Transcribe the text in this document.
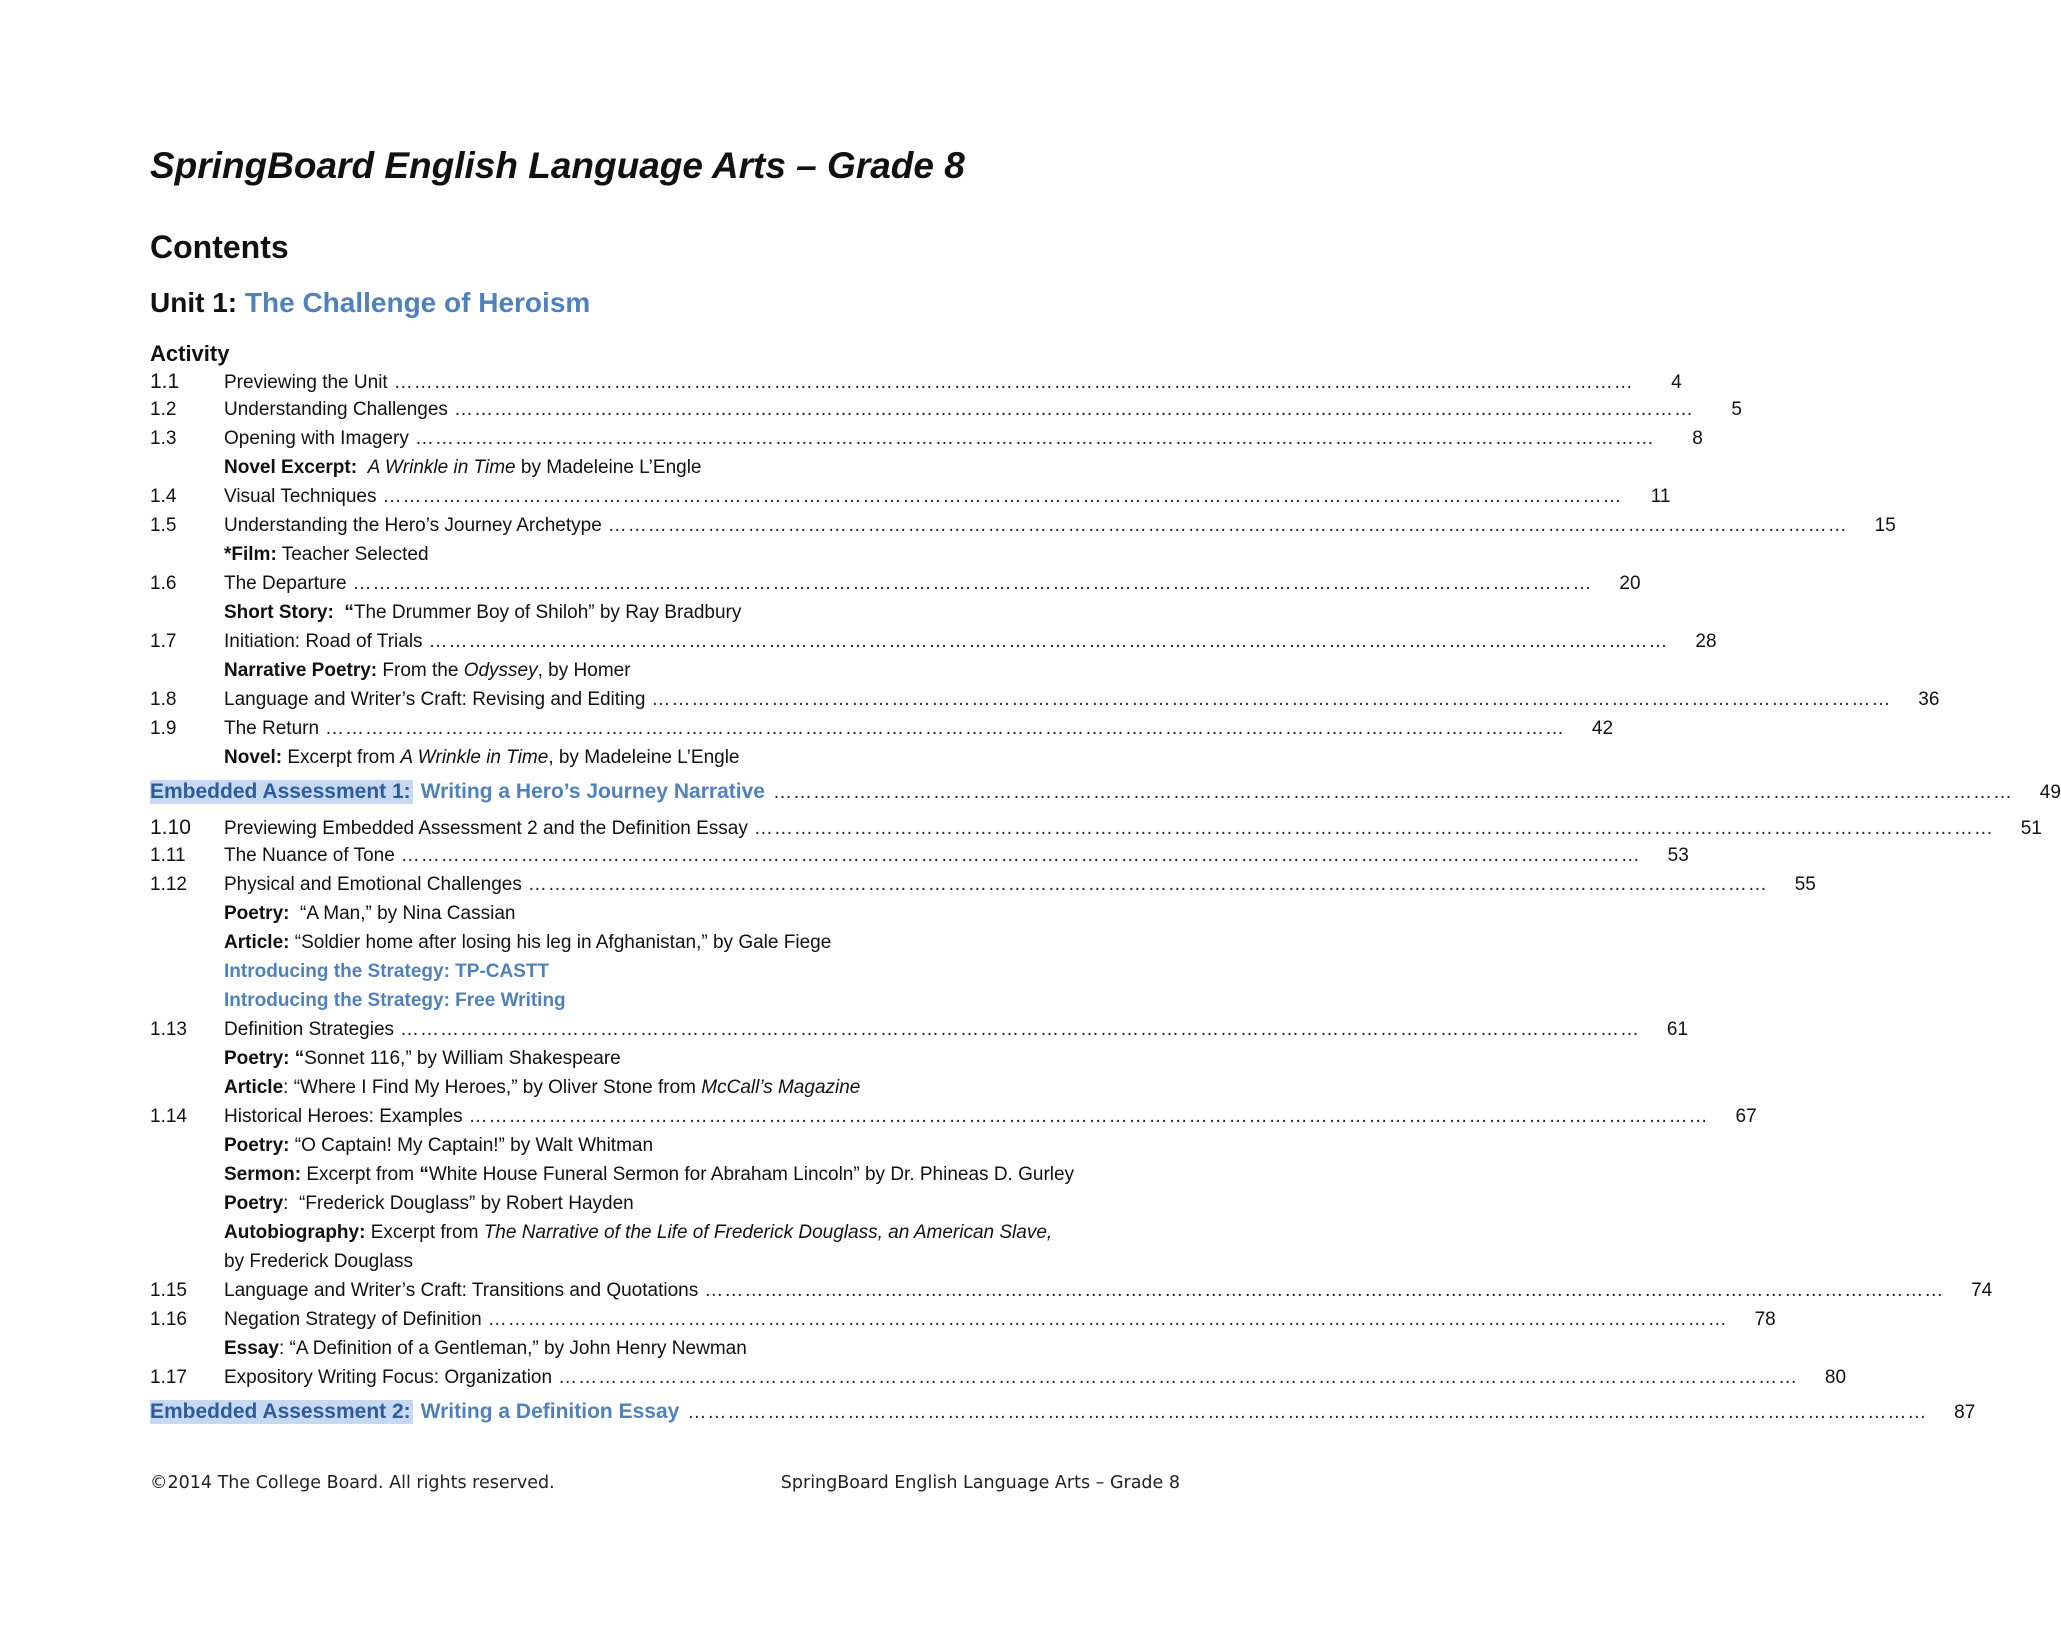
SpringBoard English Language Arts – Grade 8
Contents
Unit 1: The Challenge of Heroism
Activity
1.1	Previewing the Unit ……………………………………………………………………………………………………………………………………………………………………	4
1.2	Understanding Challenges ……………………………………………………………………………………………………………………………………………………………………	5
1.3	Opening with Imagery ……………………………………………………………………………………………………………………………………………………………………	8
Novel Excerpt: A Wrinkle in Time by Madeleine L’Engle
1.4	Visual Techniques ……………………………………………………………………………………………………………………………………………………………………	11
1.5	Understanding the Hero’s Journey Archetype ……………………………………………………………………………………………………………………………………………………………………	15
*Film: Teacher Selected
1.6	The Departure ……………………………………………………………………………………………………………………………………………………………………	20
Short Story: “The Drummer Boy of Shiloh” by Ray Bradbury
1.7	Initiation: Road of Trials ……………………………………………………………………………………………………………………………………………………………………	28
Narrative Poetry: From the Odyssey, by Homer
1.8	Language and Writer’s Craft: Revising and Editing ……………………………………………………………………………………………………………………………………………………………………	36
1.9	The Return ……………………………………………………………………………………………………………………………………………………………………	42
Novel: Excerpt from A Wrinkle in Time, by Madeleine L’Engle
Embedded Assessment 1: Writing a Hero’s Journey Narrative ……………………………………………………………………………………………………………………………………………………………………	49
1.10	Previewing Embedded Assessment 2 and the Definition Essay ……………………………………………………………………………………………………………………………………………………………………	51
1.11	The Nuance of Tone ……………………………………………………………………………………………………………………………………………………………………	53
1.12	Physical and Emotional Challenges ……………………………………………………………………………………………………………………………………………………………………	55
Poetry:  “A Man,” by Nina Cassian
Article: “Soldier home after losing his leg in Afghanistan,” by Gale Fiege
Introducing the Strategy: TP-CASTT
Introducing the Strategy: Free Writing
1.13	Definition Strategies ……………………………………………………………………………………………………………………………………………………………………	61
Poetry: “Sonnet 116,” by William Shakespeare
Article: “Where I Find My Heroes,” by Oliver Stone from McCall’s Magazine
1.14	Historical Heroes: Examples ……………………………………………………………………………………………………………………………………………………………………	67
Poetry: “O Captain! My Captain!” by Walt Whitman
Sermon: Excerpt from “White House Funeral Sermon for Abraham Lincoln” by Dr. Phineas D. Gurley
Poetry:  “Frederick Douglass” by Robert Hayden
Autobiography: Excerpt from The Narrative of the Life of Frederick Douglass, an American Slave,
by Frederick Douglass
1.15	Language and Writer’s Craft: Transitions and Quotations ……………………………………………………………………………………………………………………………………………………………………	74
1.16	Negation Strategy of Definition ……………………………………………………………………………………………………………………………………………………………………	78
Essay: “A Definition of a Gentleman,” by John Henry Newman
1.17	Expository Writing Focus: Organization ……………………………………………………………………………………………………………………………………………………………………	80
Embedded Assessment 2: Writing a Definition Essay ……………………………………………………………………………………………………………………………………………………………………	87
©2014 The College Board. All rights reserved.	SpringBoard English Language Arts – Grade 8
